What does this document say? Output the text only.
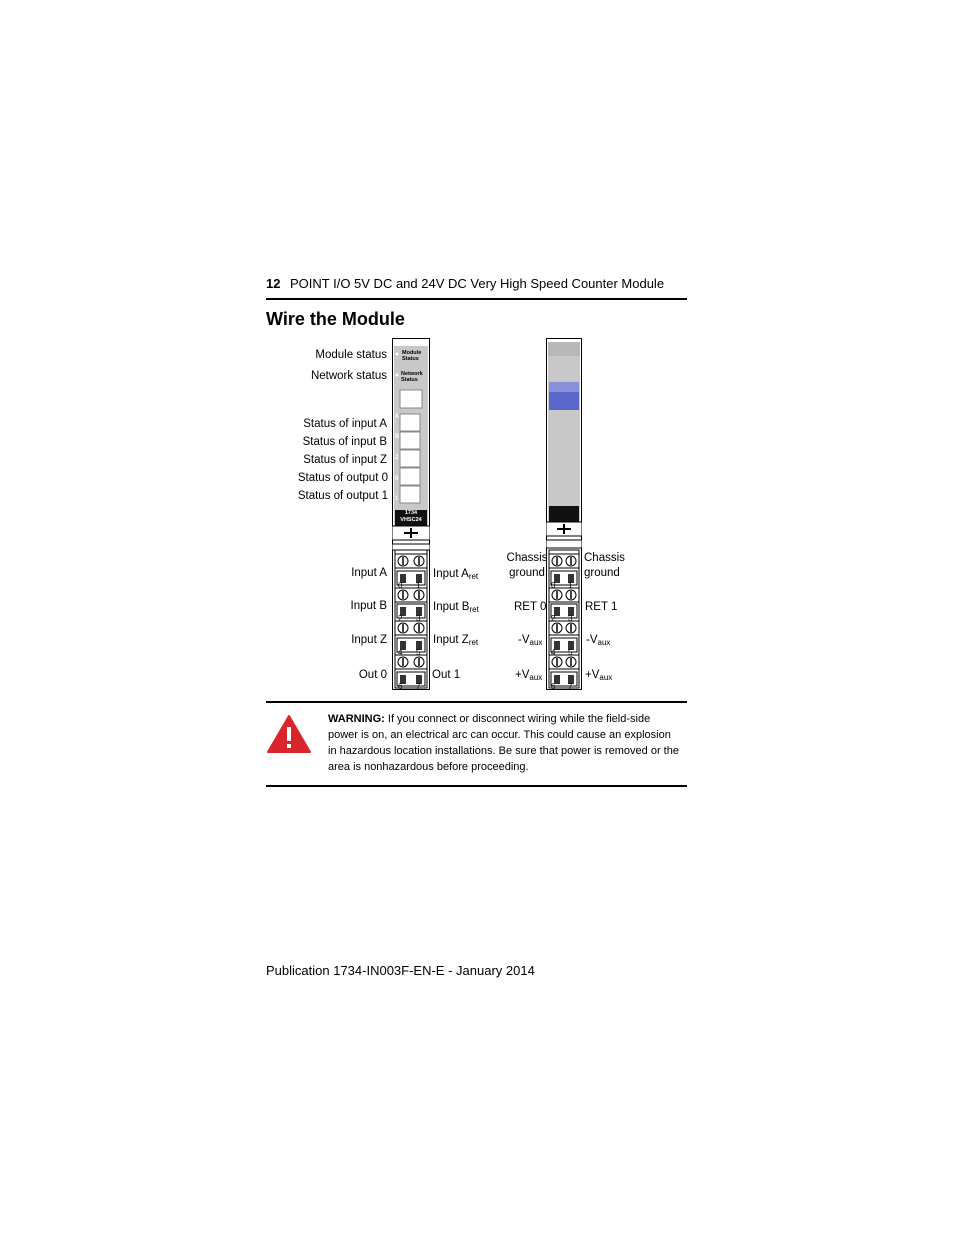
12 POINT I/O 5V DC and 24V DC Very High Speed Counter Module
Wire the Module
Module status
Network status
Status of input A
Status of input B
Status of input Z
Status of output 0
Status of output 1
Module
Status
Network
Status
A
B
Z
0
1
1734
VHSC24
0 1
2 3
4 5
6 7
Input A
Input B
Input Z
Out 0
Input $A_{ret}$
Input $B_{ret}$
Input $Z_{ret}$
Out 1
0 1
2 3
4 5
6 7
Chassis
ground
RET 0
$-V_{aux}$
$+V_{aux}$
Chassis
ground
RET 1
$-V_{aux}$
$+V_{aux}$
WARNING: If you connect or disconnect wiring while the field-side power is on, an electrical arc can occur. This could cause an explosion in hazardous location installations. Be sure that power is removed or the area is nonhazardous before proceeding.
Publication 1734-IN003F-EN-E - January 2014
